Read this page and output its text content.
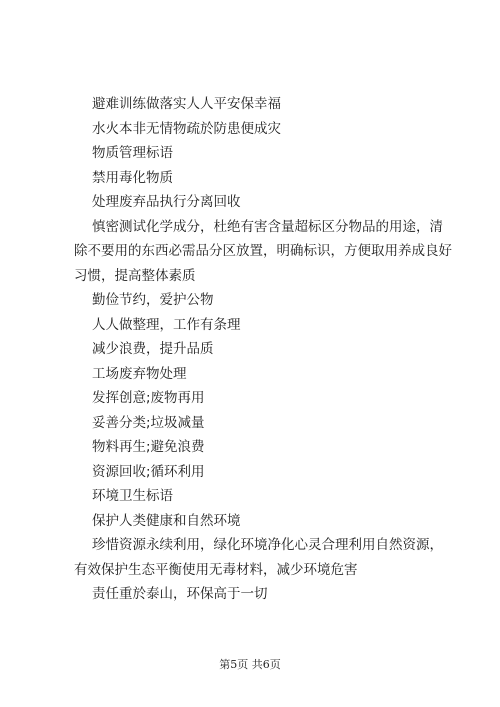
避难训练做落实人人平安保幸福
水火本非无情物疏於防患便成灾
物质管理标语
禁用毒化物质
处理废弃品执行分离回收
慎密测试化学成分，杜绝有害含量超标区分物品的用途，清除不要用的东西必需品分区放置，明确标识，方便取用养成良好习惯，提高整体素质
勤俭节约，爱护公物
人人做整理，工作有条理
减少浪费，提升品质
工场废弃物处理
发挥创意;废物再用
妥善分类;垃圾减量
物料再生;避免浪费
资源回收;循环利用
环境卫生标语
保护人类健康和自然环境
珍惜资源永续利用，绿化环境净化心灵合理利用自然资源，有效保护生态平衡使用无毒材料，减少环境危害
责任重於泰山，环保高于一切
第5页 共6页
